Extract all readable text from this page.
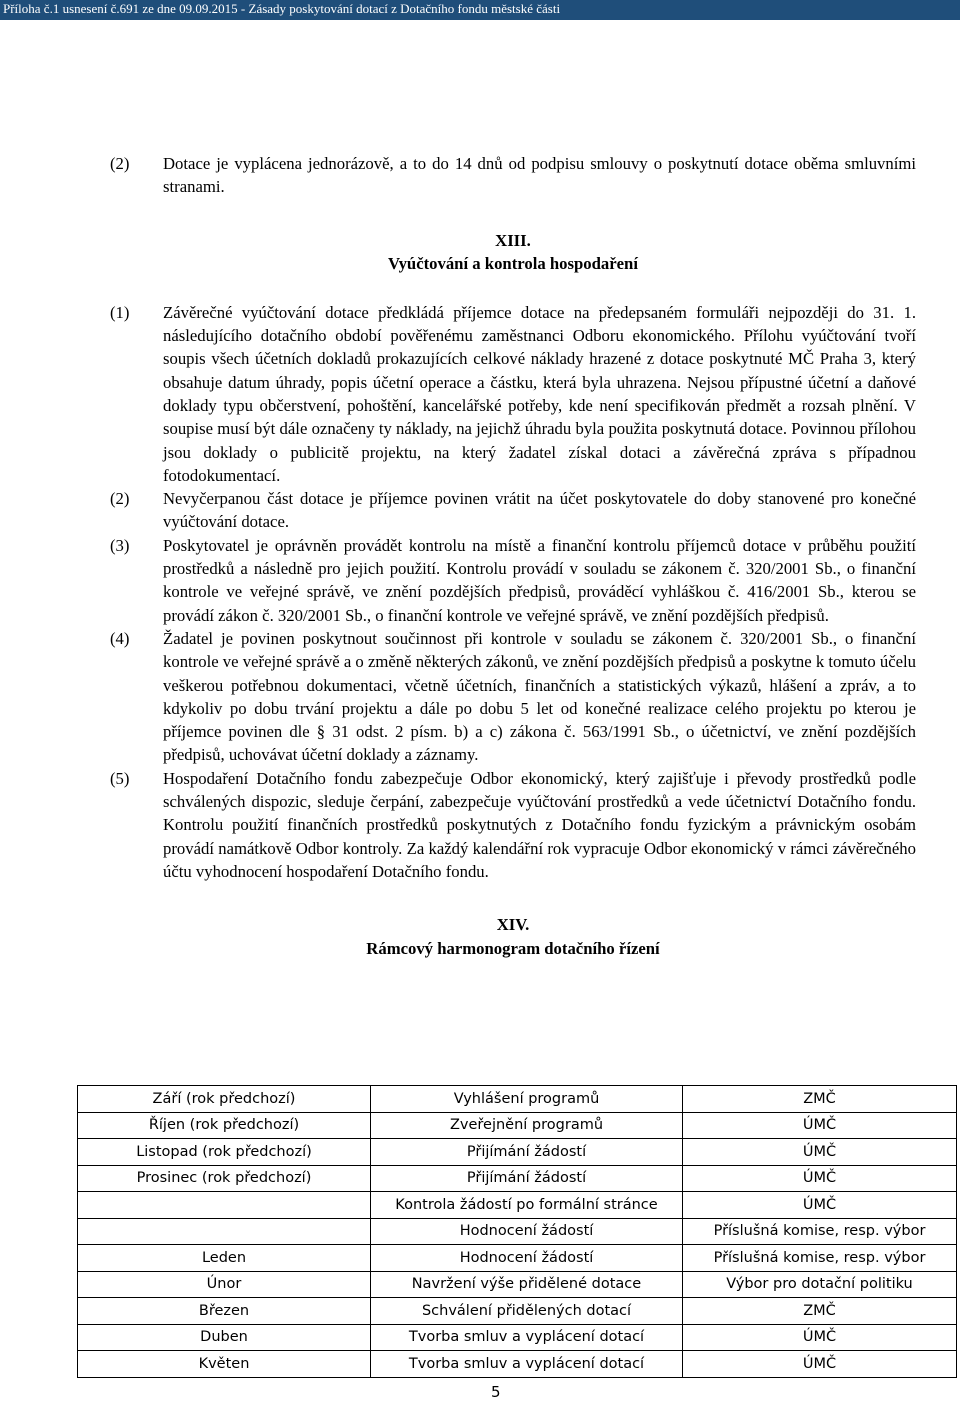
Příloha č.1 usnesení č.691 ze dne 09.09.2015 - Zásady poskytování dotací z Dotačního fondu městské části
(2) Dotace je vyplácena jednorázově, a to do 14 dnů od podpisu smlouvy o poskytnutí dotace oběma smluvními stranami.
XIII.
Vyúčtování a kontrola hospodaření
(1) Závěrečné vyúčtování dotace předkládá příjemce dotace na předepsaném formuláři nejpozději do 31. 1. následujícího dotačního období pověřenému zaměstnanci Odboru ekonomického. Přílohu vyúčtování tvoří soupis všech účetních dokladů prokazujících celkové náklady hrazené z dotace poskytnuté MČ Praha 3, který obsahuje datum úhrady, popis účetní operace a částku, která byla uhrazena. Nejsou přípustné účetní a daňové doklady typu občerstvení, pohoštění, kancelářské potřeby, kde není specifikován předmět a rozsah plnění. V soupise musí být dále označeny ty náklady, na jejichž úhradu byla použita poskytnutá dotace. Povinnou přílohou jsou doklady o publicitě projektu, na který žadatel získal dotaci a závěrečná zpráva s případnou fotodokumentací.
(2) Nevyčerpanou část dotace je příjemce povinen vrátit na účet poskytovatele do doby stanovené pro konečné vyúčtování dotace.
(3) Poskytovatel je oprávněn provádět kontrolu na místě a finanční kontrolu příjemců dotace v průběhu použití prostředků a následně pro jejich použití. Kontrolu provádí v souladu se zákonem č. 320/2001 Sb., o finanční kontrole ve veřejné správě, ve znění pozdějších předpisů, prováděcí vyhláškou č. 416/2001 Sb., kterou se provádí zákon č. 320/2001 Sb., o finanční kontrole ve veřejné správě, ve znění pozdějších předpisů.
(4) Žadatel je povinen poskytnout součinnost při kontrole v souladu se zákonem č. 320/2001 Sb., o finanční kontrole ve veřejné správě a o změně některých zákonů, ve znění pozdějších předpisů a poskytne k tomuto účelu veškerou potřebnou dokumentaci, včetně účetních, finančních a statistických výkazů, hlášení a zpráv, a to kdykoliv po dobu trvání projektu a dále po dobu 5 let od konečné realizace celého projektu po kterou je příjemce povinen dle § 31 odst. 2 písm. b) a c) zákona č. 563/1991 Sb., o účetnictví, ve znění pozdějších předpisů, uchovávat účetní doklady a záznamy.
(5) Hospodaření Dotačního fondu zabezpečuje Odbor ekonomický, který zajišťuje i převody prostředků podle schválených dispozic, sleduje čerpání, zabezpečuje vyúčtování prostředků a vede účetnictví Dotačního fondu. Kontrolu použití finančních prostředků poskytnutých z Dotačního fondu fyzickým a právnickým osobám provádí namátkově Odbor kontroly. Za každý kalendářní rok vypracuje Odbor ekonomický v rámci závěrečného účtu vyhodnocení hospodaření Dotačního fondu.
XIV.
Rámcový harmonogram dotačního řízení
Září (rok předchozí)	Vyhlášení programů	ZMČ
Říjen (rok předchozí)	Zveřejnění programů	ÚMČ
Listopad (rok předchozí)	Přijímání žádostí	ÚMČ
Prosinec (rok předchozí)	Přijímání žádostí	ÚMČ
	Kontrola žádostí po formální stránce	ÚMČ
	Hodnocení žádostí	Příslušná komise, resp. výbor
Leden	Hodnocení žádostí	Příslušná komise, resp. výbor
Únor	Navržení výše přidělené dotace	Výbor pro dotační politiku
Březen	Schválení přidělených dotací	ZMČ
Duben	Tvorba smluv a vyplácení dotací	ÚMČ
Květen	Tvorba smluv a vyplácení dotací	ÚMČ
5
